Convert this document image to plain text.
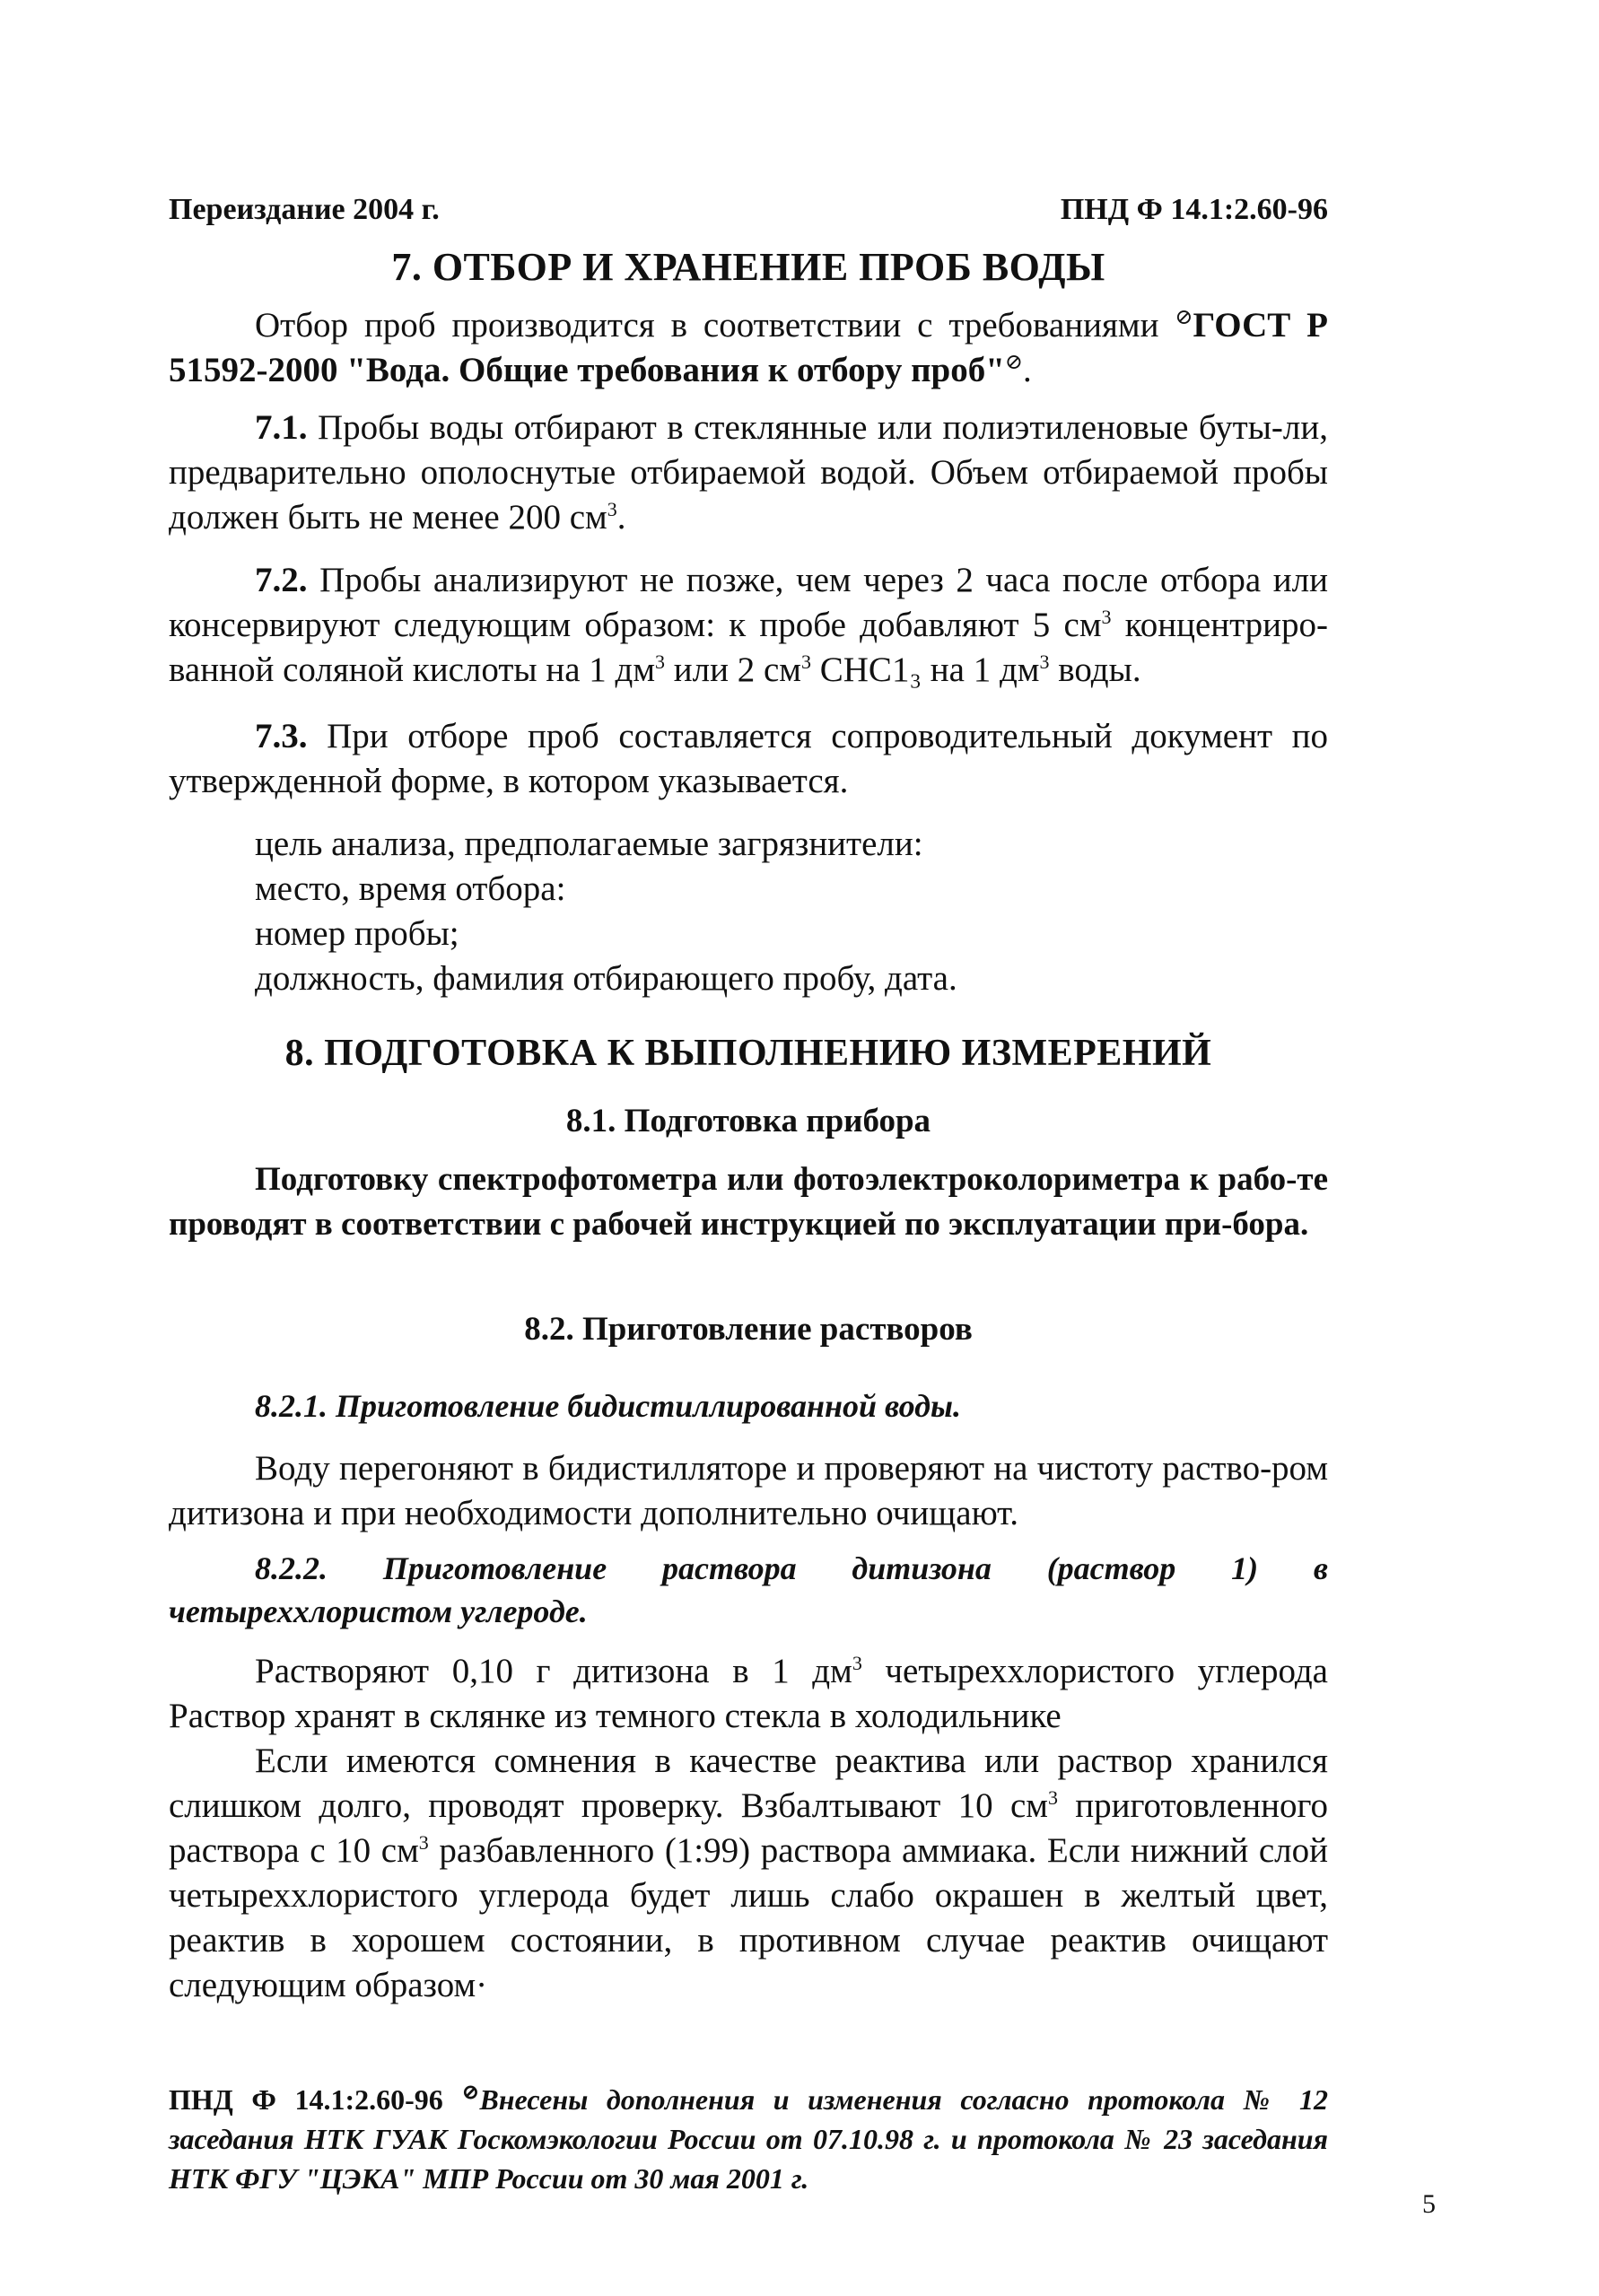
Переиздание 2004 г.	ПНД Ф 14.1:2.60-96
7. ОТБОР И ХРАНЕНИЕ ПРОБ ВОДЫ

Отбор проб производится в соответствии с требованиями ⊘ГОСТ Р 51592-2000 "Вода. Общие требования к отбору проб"⊘.

7.1. Пробы воды отбирают в стеклянные или полиэтиленовые буты-ли, предварительно ополоснутые отбираемой водой. Объем отбираемой пробы должен быть не менее 200 $см^3$.

7.2. Пробы анализируют не позже, чем через 2 часа после отбора или консервируют следующим образом: к пробе добавляют 5 $см^3$ концентриро-ванной соляной кислоты на 1 $дм^3$ или 2 $см^3$ CHC1₃ на 1 $дм^3$ воды.

7.3. При отборе проб составляется сопроводительный документ по утвержденной форме, в котором указывается.

цель анализа, предполагаемые загрязнители:
место, время отбора:
номер пробы;
должность, фамилия отбирающего пробу, дата.
8. ПОДГОТОВКА К ВЫПОЛНЕНИЮ ИЗМЕРЕНИЙ
8.1. Подготовка прибора

Подготовку спектрофотометра или фотоэлектроколориметра к рабо-те проводят в соответствии с рабочей инструкцией по эксплуатации при-бора.

8.2. Приготовление растворов
8.2.1. Приготовление бидистиллированной воды.

Воду перегоняют в бидистилляторе и проверяют на чистоту раство-ром дитизона и при необходимости дополнительно очищают.

8.2.2. Приготовление раствора дитизона (раствор 1) в четыреххлористом углероде.

Растворяют 0,10 г дитизона в 1 $дм^3$ четыреххлористого углерода Раствор хранят в склянке из темного стекла в холодильнике

Если имеются сомнения в качестве реактива или раствор хранился слишком долго, проводят проверку. Взбалтывают 10 $см^3$ приготовленного раствора с 10 $см^3$ разбавленного (1:99) раствора аммиака. Если нижний слой четыреххлористого углерода будет лишь слабо окрашен в желтый цвет, реактив в хорошем состоянии, в противном случае реактив очищают следующим образом·

ПНД Ф 14.1:2.60-96 ⊘Внесены дополнения и изменения согласно протокола № 12 заседания НТК ГУАК Госкомэкологии России от 07.10.98 г. и протокола № 23 заседания НТК ФГУ "ЦЭКА" МПР России от 30 мая 2001 г.
5
